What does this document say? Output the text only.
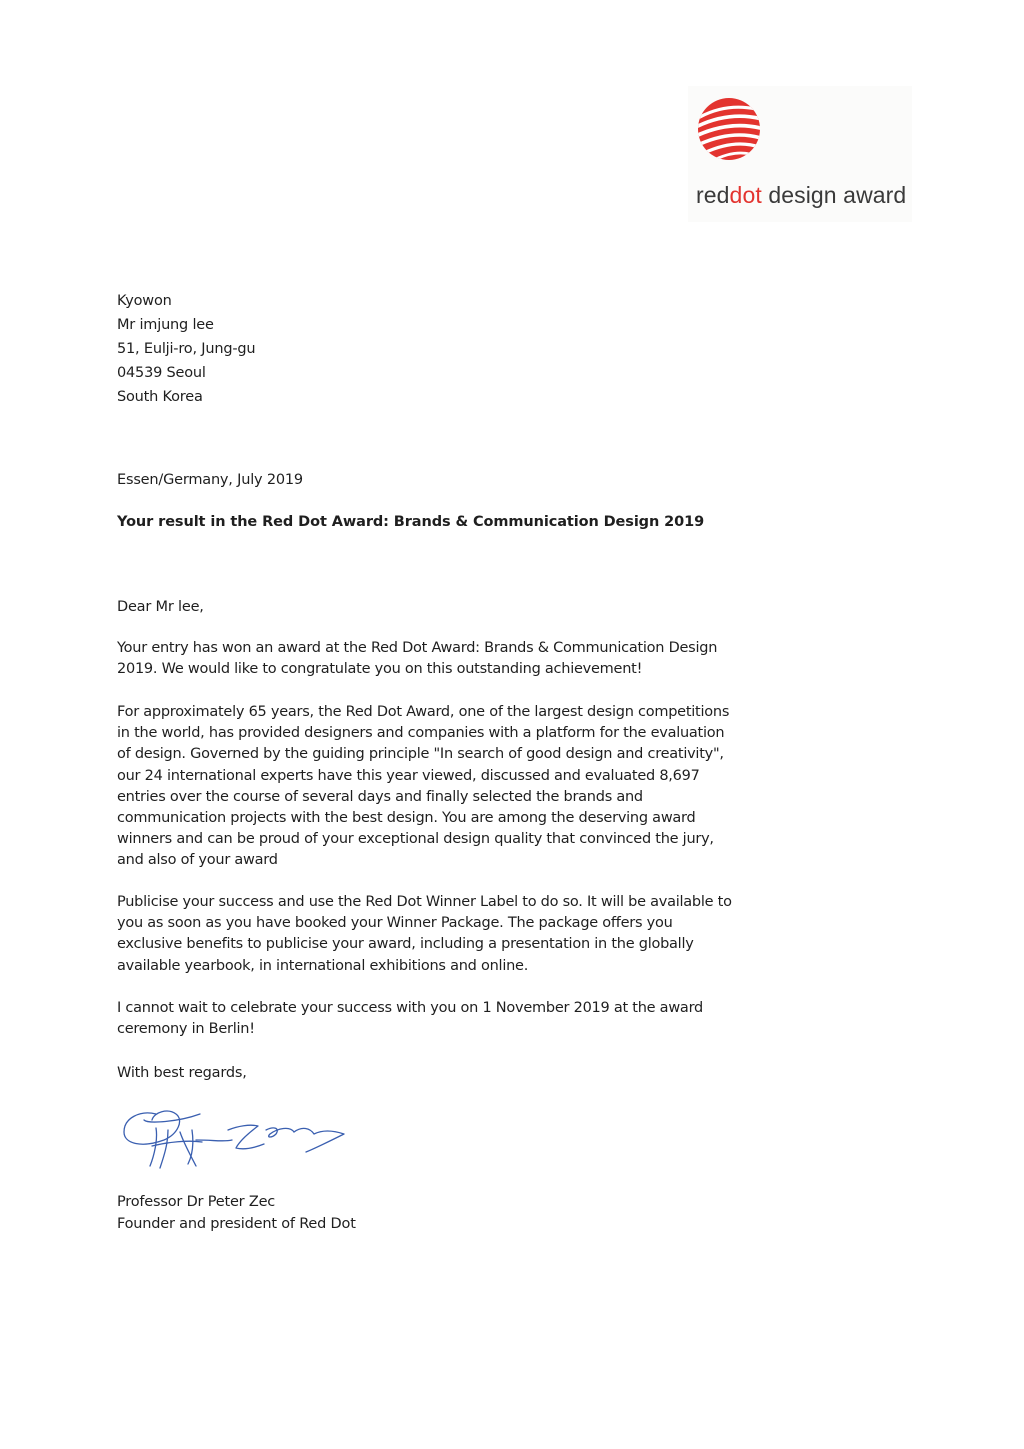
reddot design award
Kyowon
Mr imjung lee
51, Eulji-ro, Jung-gu
04539 Seoul
South Korea
Essen/Germany, July 2019
Your result in the Red Dot Award: Brands & Communication Design 2019
Dear Mr lee,
Your entry has won an award at the Red Dot Award: Brands & Communication Design
2019. We would like to congratulate you on this outstanding achievement!
For approximately 65 years, the Red Dot Award, one of the largest design competitions
in the world, has provided designers and companies with a platform for the evaluation
of design. Governed by the guiding principle "In search of good design and creativity",
our 24 international experts have this year viewed, discussed and evaluated 8,697
entries over the course of several days and finally selected the brands and
communication projects with the best design. You are among the deserving award
winners and can be proud of your exceptional design quality that convinced the jury,
and also of your award
Publicise your success and use the Red Dot Winner Label to do so. It will be available to
you as soon as you have booked your Winner Package. The package offers you
exclusive benefits to publicise your award, including a presentation in the globally
available yearbook, in international exhibitions and online.
I cannot wait to celebrate your success with you on 1 November 2019 at the award
ceremony in Berlin!
With best regards,
Professor Dr Peter Zec
Founder and president of Red Dot
